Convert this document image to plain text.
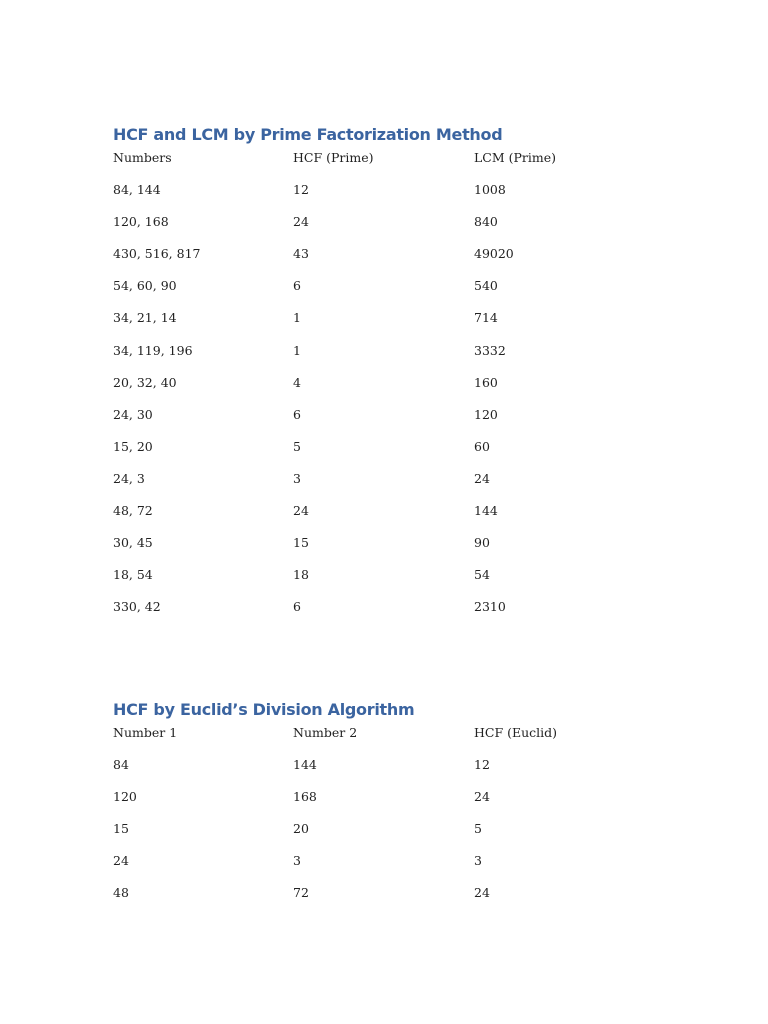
HCF and LCM by Prime Factorization Method
Numbers	HCF (Prime)	LCM (Prime)
84, 144	12	1008
120, 168	24	840
430, 516, 817	43	49020
54, 60, 90	6	540
34, 21, 14	1	714
34, 119, 196	1	3332
20, 32, 40	4	160
24, 30	6	120
15, 20	5	60
24, 3	3	24
48, 72	24	144
30, 45	15	90
18, 54	18	54
330, 42	6	2310
HCF by Euclid’s Division Algorithm
Number 1	Number 2	HCF (Euclid)
84	144	12
120	168	24
15	20	5
24	3	3
48	72	24
